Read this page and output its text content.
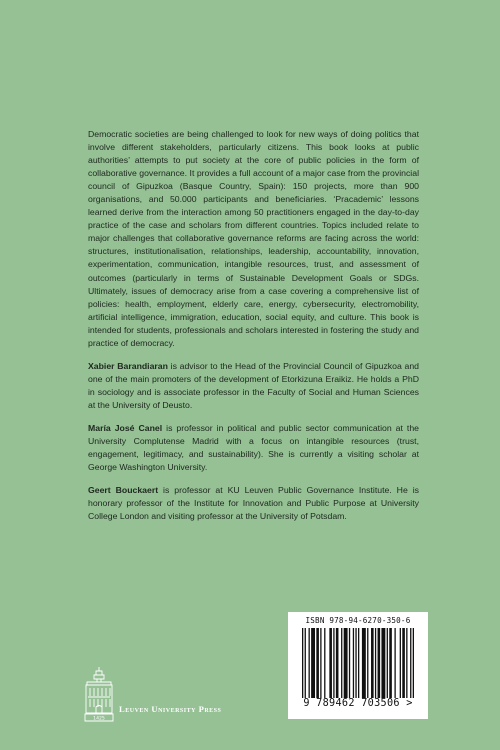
Democratic societies are being challenged to look for new ways of doing politics that involve different stakeholders, particularly citizens. This book looks at public authorities’ attempts to put society at the core of public policies in the form of collaborative governance. It provides a full account of a major case from the provincial council of Gipuzkoa (Basque Country, Spain): 150 projects, more than 900 organisations, and 50.000 participants and beneficiaries. ‘Pracademic’ lessons learned derive from the interaction among 50 practitioners engaged in the day-to-day practice of the case and scholars from different countries. Topics included relate to major challenges that collaborative governance reforms are facing across the world: structures, institutionalisation, relationships, leadership, accountability, innovation, experimentation, communication, intangible resources, trust, and assessment of outcomes (particularly in terms of Sustainable Development Goals or SDGs. Ultimately, issues of democracy arise from a case covering a comprehensive list of policies: health, employment, elderly care, energy, cybersecurity, electromobility, artificial intelligence, immigration, education, social equity, and culture. This book is intended for students, professionals and scholars interested in fostering the study and practice of democracy.

Xabier Barandiaran is advisor to the Head of the Provincial Council of Gipuzkoa and one of the main promoters of the development of Etorkizuna Eraikiz. He holds a PhD in sociology and is associate professor in the Faculty of Social and Human Sciences at the University of Deusto.

María José Canel is professor in political and public sector communication at the University Complutense Madrid with a focus on intangible resources (trust, engagement, legitimacy, and sustainability). She is currently a visiting scholar at George Washington University.

Geert Bouckaert is professor at KU Leuven Public Governance Institute. He is honorary professor of the Institute for Innovation and Public Purpose at University College London and visiting professor at the University of Potsdam.

ISBN 978-94-6270-350-6
9 789462 703506 >
1425
Leuven University Press
